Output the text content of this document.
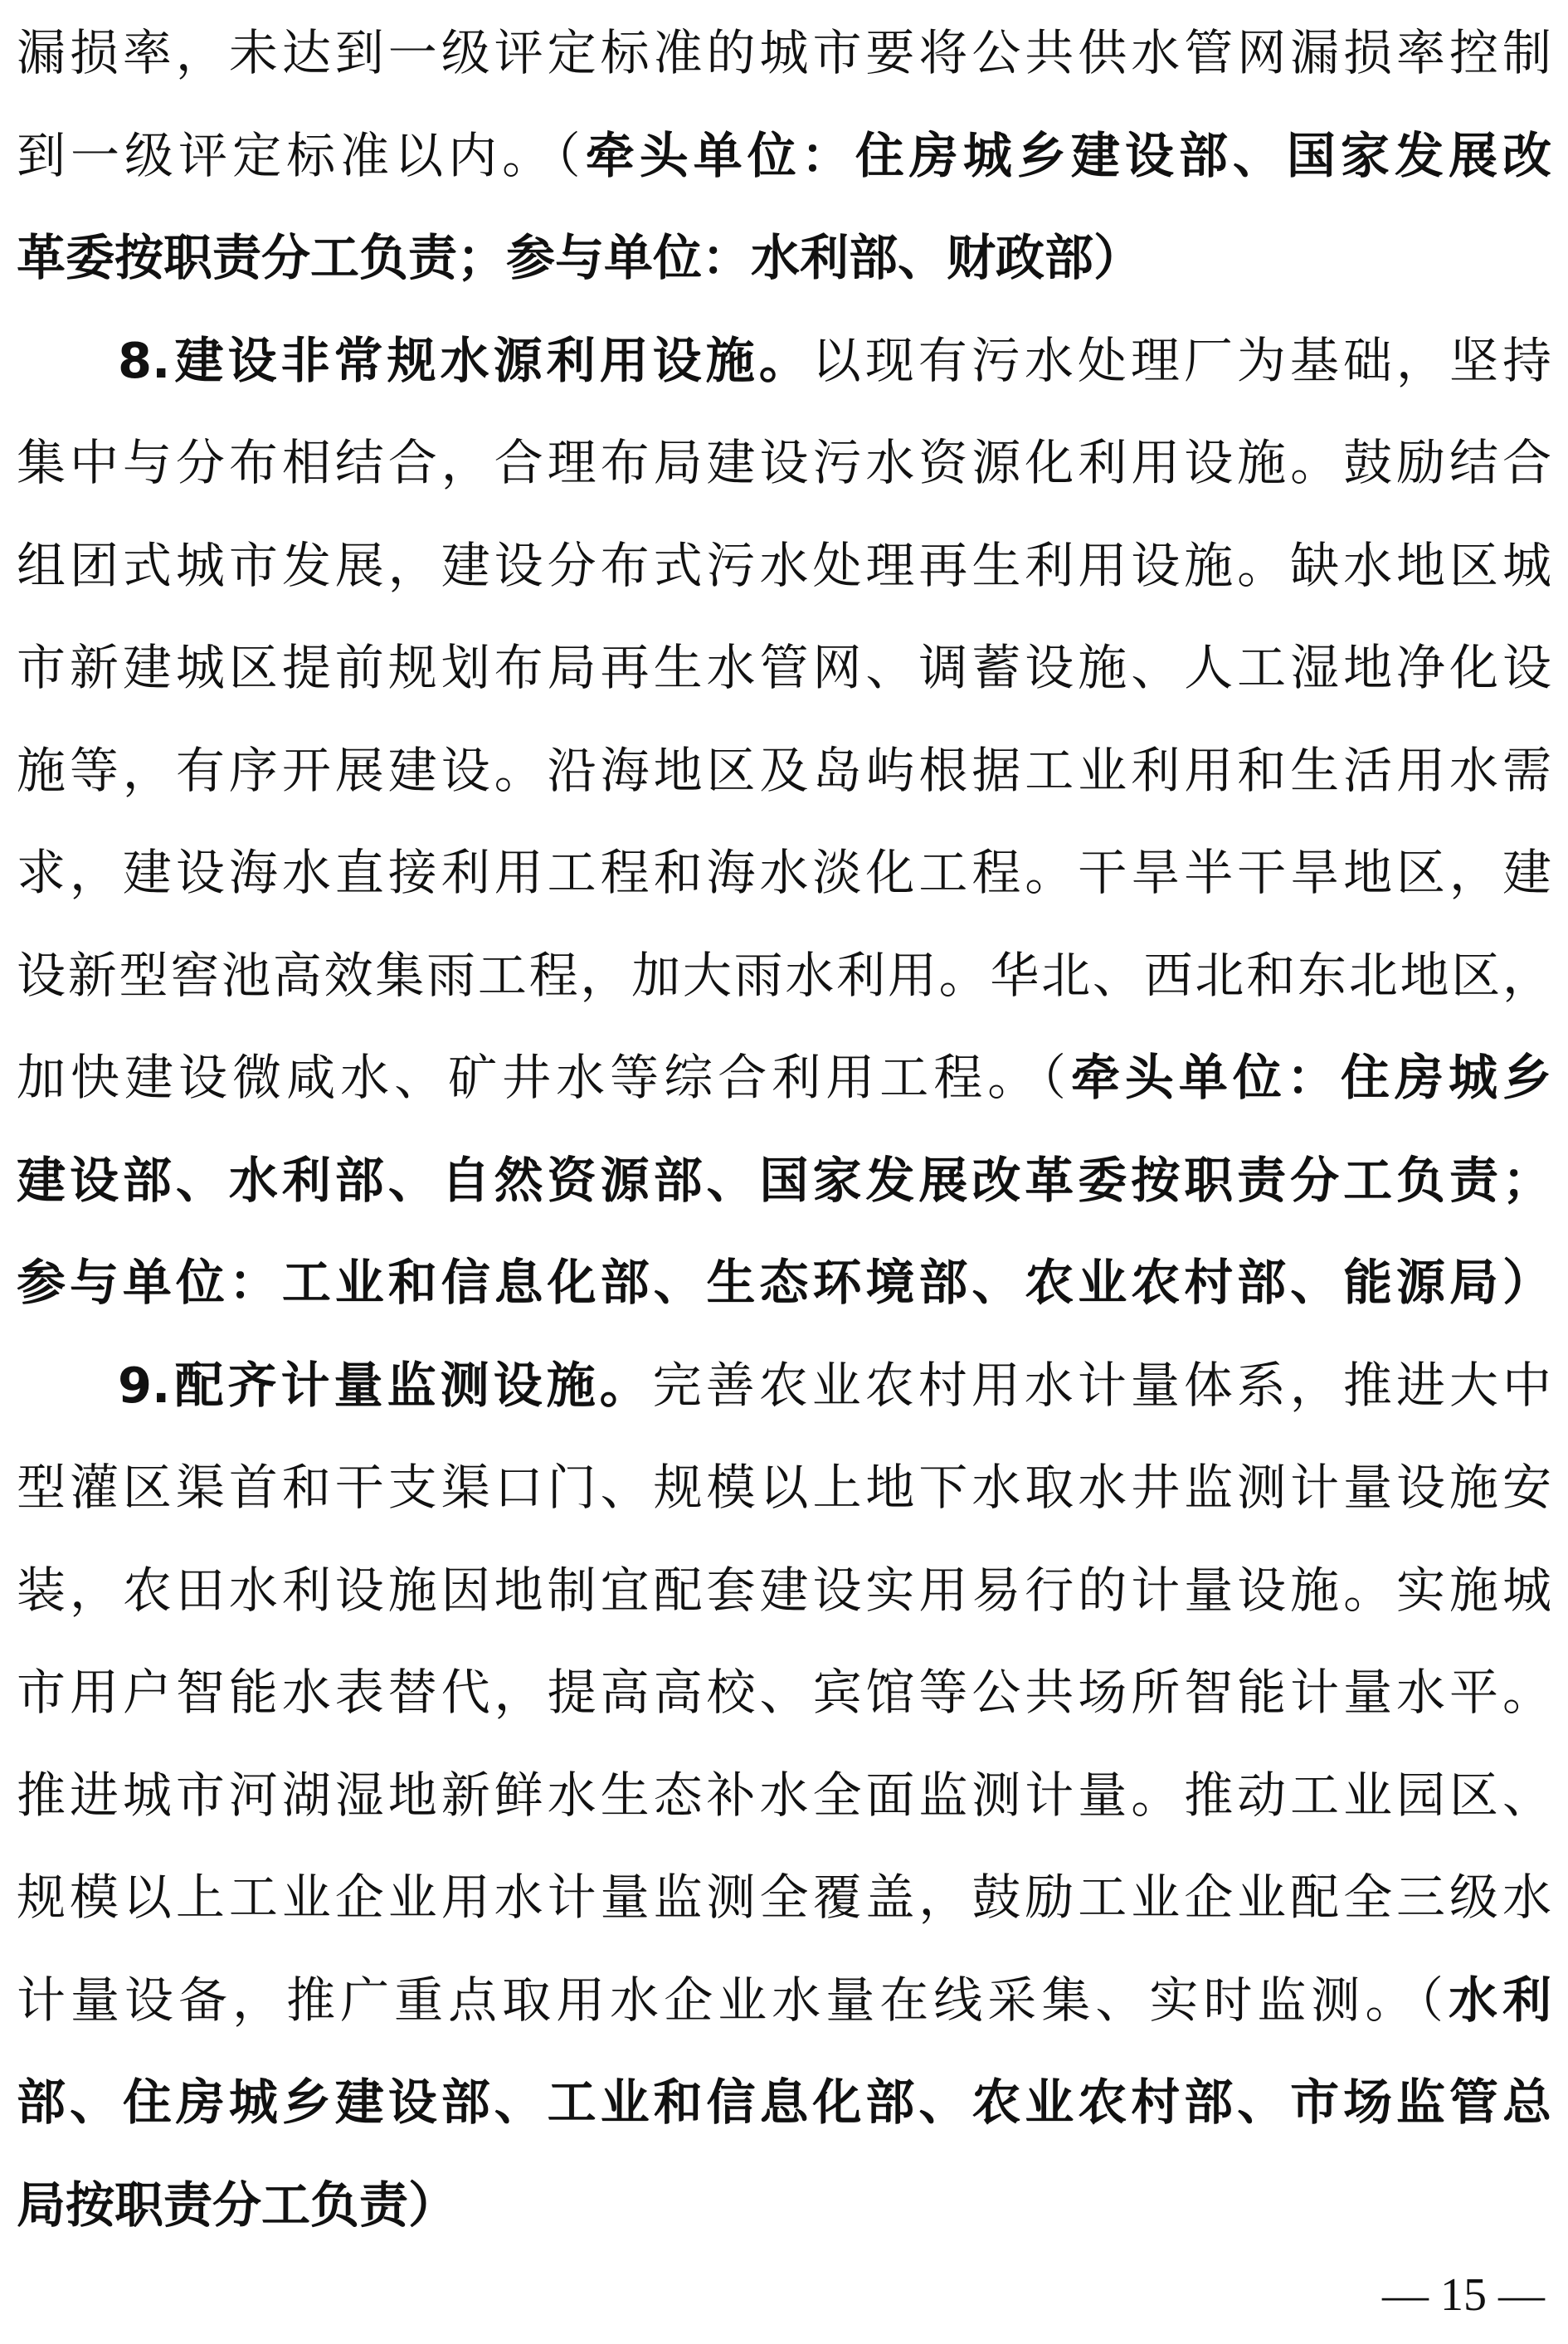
漏损率，未达到一级评定标准的城市要将公共供水管网漏损率控制
到一级评定标准以内。（牵头单位：住房城乡建设部、国家发展改
革委按职责分工负责；参与单位：水利部、财政部）
8.建设非常规水源利用设施。以现有污水处理厂为基础，坚持
集中与分布相结合，合理布局建设污水资源化利用设施。鼓励结合
组团式城市发展，建设分布式污水处理再生利用设施。缺水地区城
市新建城区提前规划布局再生水管网、调蓄设施、人工湿地净化设
施等，有序开展建设。沿海地区及岛屿根据工业利用和生活用水需
求，建设海水直接利用工程和海水淡化工程。干旱半干旱地区，建
设新型窖池高效集雨工程，加大雨水利用。华北、西北和东北地区，
加快建设微咸水、矿井水等综合利用工程。（牵头单位：住房城乡
建设部、水利部、自然资源部、国家发展改革委按职责分工负责；
参与单位：工业和信息化部、生态环境部、农业农村部、能源局）
9.配齐计量监测设施。完善农业农村用水计量体系，推进大中
型灌区渠首和干支渠口门、规模以上地下水取水井监测计量设施安
装，农田水利设施因地制宜配套建设实用易行的计量设施。实施城
市用户智能水表替代，提高高校、宾馆等公共场所智能计量水平。
推进城市河湖湿地新鲜水生态补水全面监测计量。推动工业园区、
规模以上工业企业用水计量监测全覆盖，鼓励工业企业配全三级水
计量设备，推广重点取用水企业水量在线采集、实时监测。（水利
部、住房城乡建设部、工业和信息化部、农业农村部、市场监管总
局按职责分工负责）
— 15 —
